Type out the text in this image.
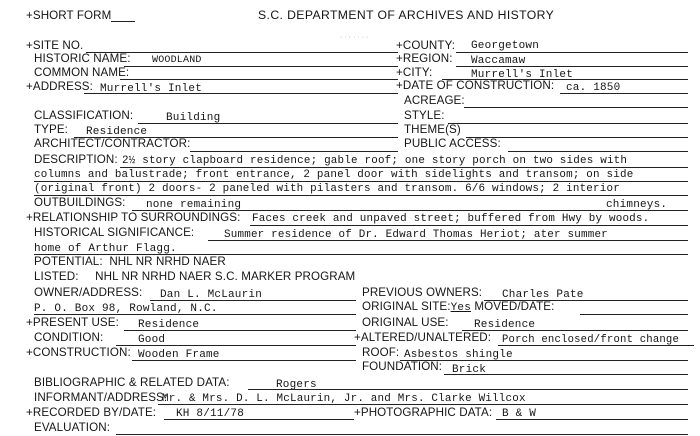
+SHORT FORM	S.C. DEPARTMENT OF ARCHIVES AND HISTORY
+SITE NO.
·······
+COUNTY: Georgetown
HISTORIC NAME: WOODLAND	+REGION: Waccamaw
COMMON NAME:	+CITY:	Murrell's Inlet
+ADDRESS: Murrell's Inlet	+DATE OF CONSTRUCTION: ca. 1850
ACREAGE:
CLASSIFICATION:	Building	STYLE:
TYPE: Residence	THEME(S)
ARCHITECT/CONTRACTOR:	PUBLIC ACCESS:
DESCRIPTION: 2½ story clapboard residence; gable roof; one story porch on two sides with
columns and balustrade; front entrance, 2 panel door with sidelights and transom; on side
(original front) 2 doors- 2 paneled with pilasters and transom. 6/6 windows; 2 interior
OUTBUILDINGS: none remaining	chimneys.
+RELATIONSHIP TO SURROUNDINGS: Faces creek and unpaved street; buffered from Hwy by woods.
HISTORICAL SIGNIFICANCE:	Summer residence of Dr. Edward Thomas Heriot; ater summer
home of Arthur Flagg.
POTENTIAL: NHL NR NRHD NAER
LISTED: NHL NR NRHD NAER S.C. MARKER PROGRAM
OWNER/ADDRESS: Dan L. McLaurin	PREVIOUS OWNERS: Charles Pate
P. O. Box 98, Rowland, N.C.	ORIGINAL SITE:Yes MOVED/DATE:
+PRESENT USE: Residence	ORIGINAL USE: Residence
CONDITION:	Good	+ALTERED/UNALTERED: Porch enclosed/front change
+CONSTRUCTION: Wooden Frame	ROOF: Asbestos shingle
FOUNDATION: Brick
BIBLIOGRAPHIC & RELATED DATA:	Rogers
INFORMANT/ADDRESS:
Mr. & Mrs. D. L. McLaurin, Jr. and Mrs. Clarke Willcox
+RECORDED BY/DATE: KH 8/11/78	+PHOTOGRAPHIC DATA: B & W
EVALUATION:
